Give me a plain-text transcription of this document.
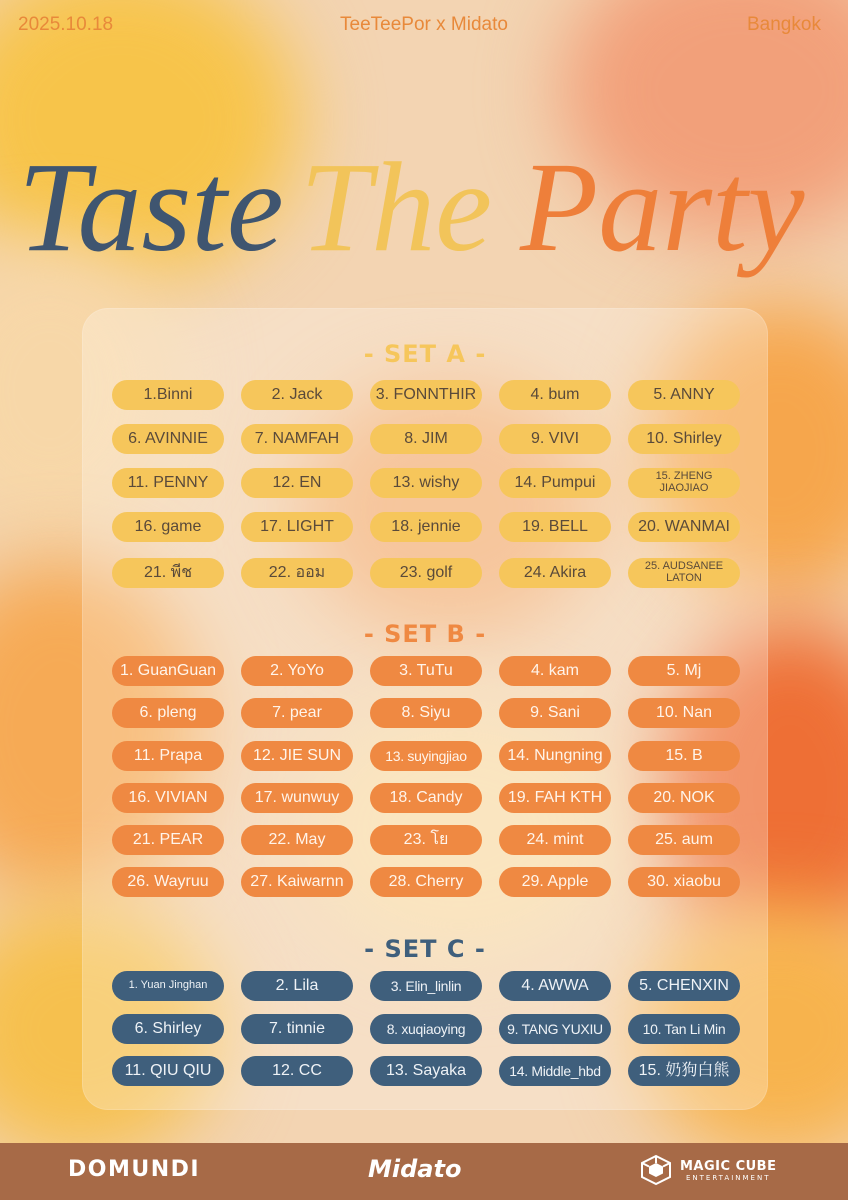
2025.10.18	TeeTeePor x Midato	Bangkok
Taste The Party
- SET A -
1.Binni	2. Jack	3. FONNTHIR	4. bum	5. ANNY
6. AVINNIE	7. NAMFAH	8. JIM	9. VIVI	10. Shirley
11. PENNY	12. EN	13. wishy	14. Pumpui	15. ZHENG JIAOJIAO
16. game	17. LIGHT	18. jennie	19. BELL	20. WANMAI
21. พีช	22. ออม	23. golf	24. Akira	25. AUDSANEE LATON
- SET B -
1. GuanGuan	2. YoYo	3. TuTu	4. kam	5. Mj
6. pleng	7. pear	8. Siyu	9. Sani	10. Nan
11. Prapa	12. JIE SUN	13. suyingjiao	14. Nungning	15. B
16. VIVIAN	17. wunwuy	18. Candy	19. FAH KTH	20. NOK
21. PEAR	22. May	23. โย	24. mint	25. aum
26. Wayruu	27. Kaiwarnn	28. Cherry	29. Apple	30. xiaobu
- SET C -
1. Yuan Jinghan	2. Lila	3. Elin_linlin	4. AWWA	5. CHENXIN
6. Shirley	7. tinnie	8. xuqiaoying	9. TANG YUXIU	10. Tan Li Min
11. QIU QIU	12. CC	13. Sayaka	14. Middle_hbd	15. 奶狗白熊
DOMUNDI	Midato	MAGIC CUBE
ENTERTAINMENT
